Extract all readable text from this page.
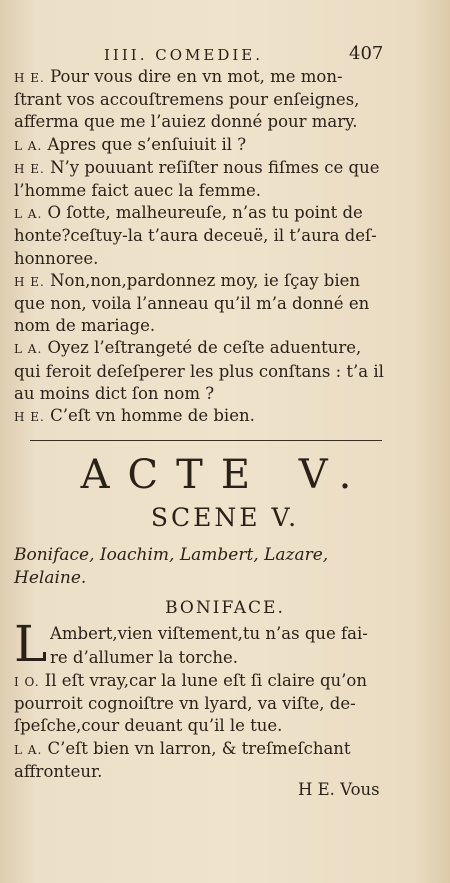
IIII. COMEDIE.	407
H E. Pour vous dire en vn mot, me mon-
ſtrant vos accouſtremens pour enſeignes,
afferma que me l’auiez donné pour mary.
L A. Apres que s’enſuiuit il ?
H E. N’y pouuant reſiſter nous fiſmes ce que
l’homme faict auec la femme.
L A. O ſotte, malheureuſe, n’as tu point de
honte?ceſtuy-la t’aura deceuë, il t’aura deſ-
honnoree.
H E. Non,non,pardonnez moy, ie ſçay bien
que non, voila l’anneau qu’il m’a donné en
nom de mariage.
L A. Oyez l’eſtrangeté de ceſte aduenture,
qui feroit deſeſperer les plus conſtans : t’a il
au moins dict ſon nom ?
H E. C’eſt vn homme de bien.
ACTE V.
SCENE V.
Boniface, Ioachim, Lambert, Lazare,
Helaine.
BONIFACE.
L Ambert,vien viſtement,tu n’as que fai-
re d’allumer la torche.
I O. Il eſt vray,car la lune eſt ſi claire qu’on
pourroit cognoiſtre vn lyard, va viſte, de-
ſpeſche,cour deuant qu’il le tue.
L A. C’eſt bien vn larron, & treſmeſchant
affronteur.
H E. Vous
